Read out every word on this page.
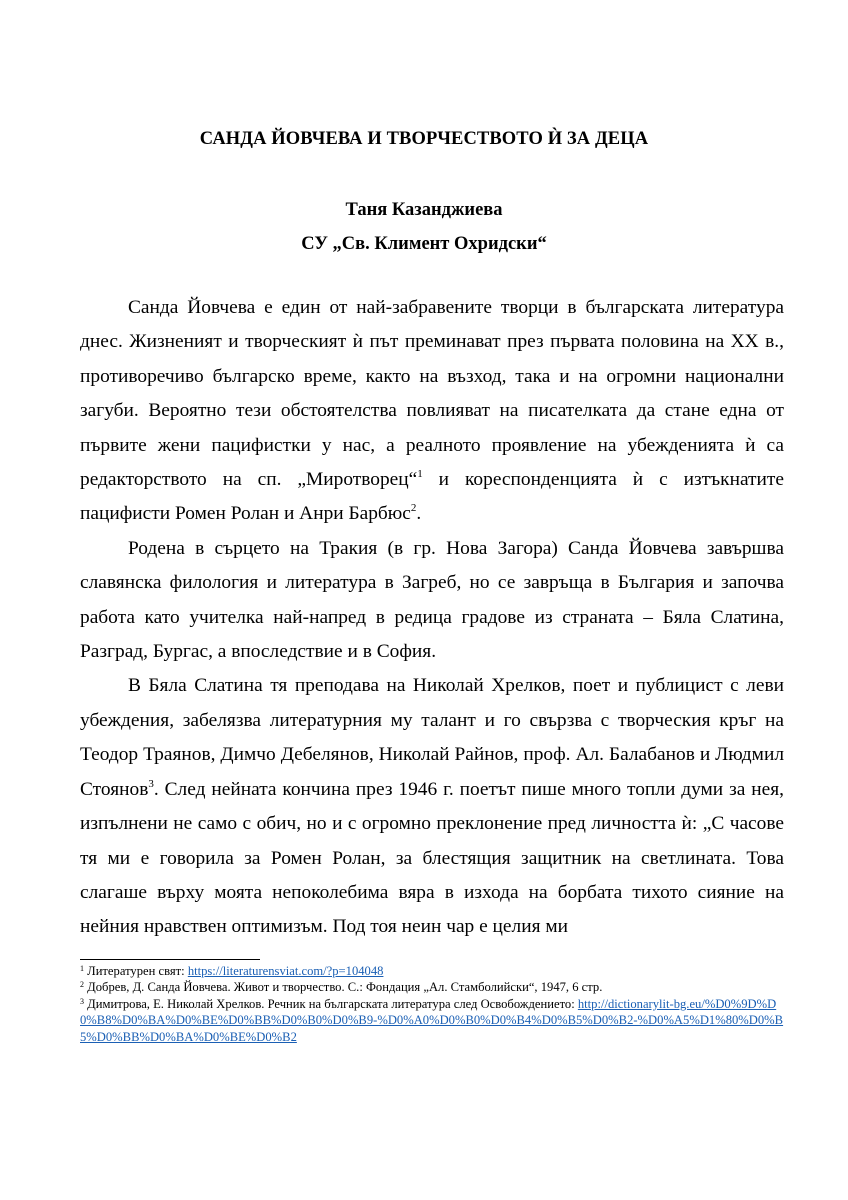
САНДА ЙОВЧЕВА И ТВОРЧЕСТВОТО Ѝ ЗА ДЕЦА
Таня Казанджиева
СУ „Св. Климент Охридски“

Санда Йовчева е един от най-забравените творци в българската литература днес. Жизненият и творческият ѝ път преминават през първата половина на XX в., противоречиво българско време, както на възход, така и на огромни национални загуби. Вероятно тези обстоятелства повлияват на писателката да стане една от първите жени пацифистки у нас, а реалното проявление на убежденията ѝ са редакторството на сп. „Миротворец“$^1$ и кореспонденцията ѝ с изтъкнатите пацифисти Ромен Ролан и Анри Барбюс$^2$.

Родена в сърцето на Тракия (в гр. Нова Загора) Санда Йовчева завършва славянска филология и литература в Загреб, но се завръща в България и започва работа като учителка най-напред в редица градове из страната – Бяла Слатина, Разград, Бургас, а впоследствие и в София.

В Бяла Слатина тя преподава на Николай Хрелков, поет и публицист с леви убеждения, забелязва литературния му талант и го свързва с творческия кръг на Теодор Траянов, Димчо Дебелянов, Николай Райнов, проф. Ал. Балабанов и Людмил Стоянов$^3$. След нейната кончина през 1946 г. поетът пише много топли думи за нея, изпълнени не само с обич, но и с огромно преклонение пред личността ѝ: „С часове тя ми е говорила за Ромен Ролан, за блестящия защитник на светлината. Това слагаше върху моята непоколебима вяра в изхода на борбата тихото сияние на нейния нравствен оптимизъм. Под тоя неин чар е целия ми

$^1$ Литературен свят: https://literaturensviat.com/?p=104048
$^2$ Добрев, Д. Санда Йовчева. Живот и творчество. С.: Фондация „Ал. Стамболийски“, 1947, 6 стр.
$^3$ Димитрова, Е. Николай Хрелков. Речник на българската литература след Освобождението: http://dictionarylit-bg.eu/%D0%9D%D0%B8%D0%BA%D0%BE%D0%BB%D0%B0%D0%B9-%D0%A0%D0%B0%D0%B4%D0%B5%D0%B2-%D0%A5%D1%80%D0%B5%D0%BB%D0%BA%D0%BE%D0%B2
